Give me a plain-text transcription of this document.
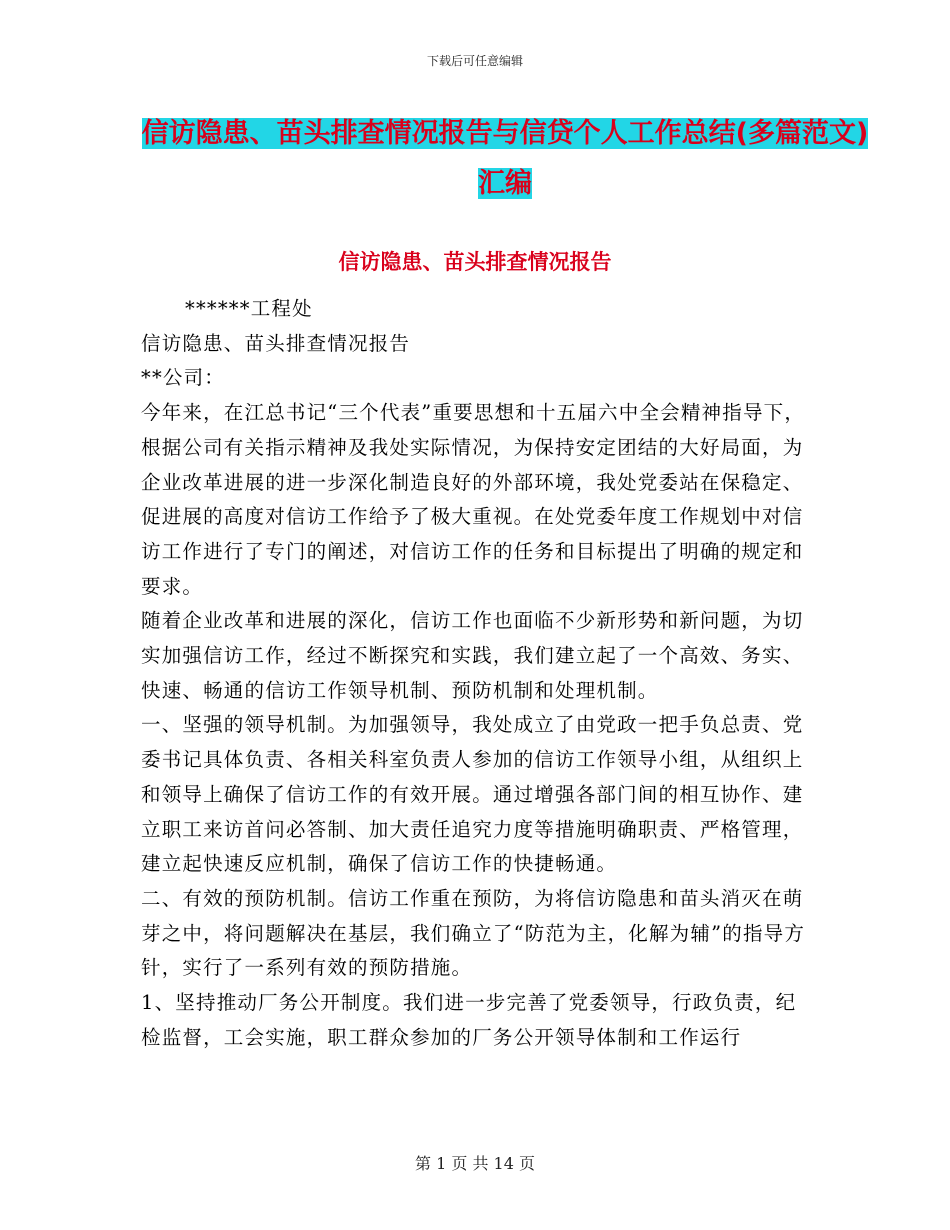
下载后可任意编辑
信访隐患、苗头排查情况报告与信贷个人工作总结(多篇范文)汇编
信访隐患、苗头排查情况报告

******工程处

信访隐患、苗头排查情况报告

**公司：

今年来，在江总书记“三个代表”重要思想和十五届六中全会精神指导下，根据公司有关指示精神及我处实际情况，为保持安定团结的大好局面，为企业改革进展的进一步深化制造良好的外部环境，我处党委站在保稳定、促进展的高度对信访工作给予了极大重视。在处党委年度工作规划中对信访工作进行了专门的阐述，对信访工作的任务和目标提出了明确的规定和要求。

随着企业改革和进展的深化，信访工作也面临不少新形势和新问题，为切实加强信访工作，经过不断探究和实践，我们建立起了一个高效、务实、快速、畅通的信访工作领导机制、预防机制和处理机制。

一、坚强的领导机制。为加强领导，我处成立了由党政一把手负总责、党委书记具体负责、各相关科室负责人参加的信访工作领导小组，从组织上和领导上确保了信访工作的有效开展。通过增强各部门间的相互协作、建立职工来访首问必答制、加大责任追究力度等措施明确职责、严格管理，建立起快速反应机制，确保了信访工作的快捷畅通。

二、有效的预防机制。信访工作重在预防，为将信访隐患和苗头消灭在萌芽之中，将问题解决在基层，我们确立了“防范为主，化解为辅”的指导方针，实行了一系列有效的预防措施。

1、坚持推动厂务公开制度。我们进一步完善了党委领导，行政负责，纪检监督，工会实施，职工群众参加的厂务公开领导体制和工作运行

第 1 页 共 14 页
